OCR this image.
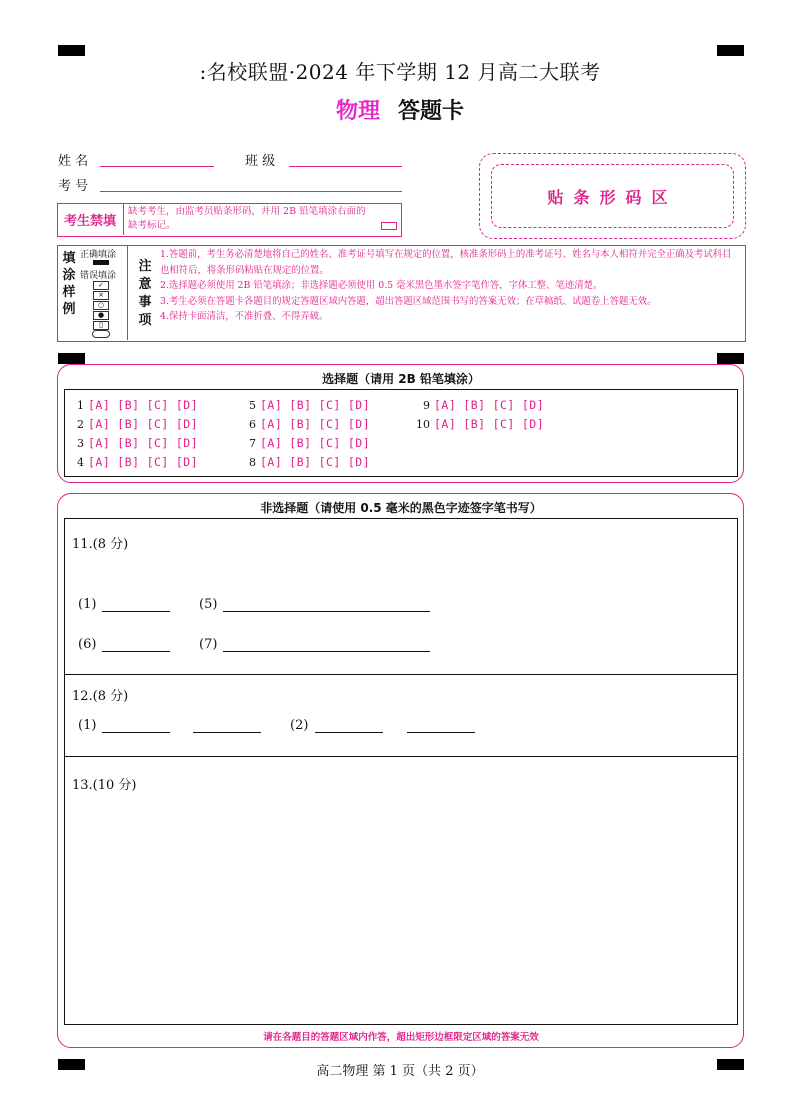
:名校联盟·2024 年下学期 12 月高二大联考
物理 答题卡
姓 名	班 级
考 号
贴条形码区
考生禁填
缺考考生，由监考员贴条形码，并用 2B 铅笔填涂右面的缺考标记。
填
涂
样
例
正确填涂
错误填涂
✓
×
○
●
▯
注
意
事
项
1.答题前，考生务必清楚地将自己的姓名、准考证号填写在规定的位置，核准条形码上的准考证号、姓名与本人相符并完全正确及考试科目也相符后，将条形码粘贴在规定的位置。
2.选择题必须使用 2B 铅笔填涂；非选择题必须使用 0.5 毫米黑色墨水签字笔作答，字体工整、笔迹清楚。
3.考生必须在答题卡各题目的规定答题区域内答题，超出答题区域范围书写的答案无效；在草稿纸、试题卷上答题无效。
4.保持卡面清洁，不准折叠、不得弄破。
选择题（请用 2B 铅笔填涂）
1 [A] [B] [C] [D]
2 [A] [B] [C] [D]
3 [A] [B] [C] [D]
4 [A] [B] [C] [D]
5 [A] [B] [C] [D]
6 [A] [B] [C] [D]
7 [A] [B] [C] [D]
8 [A] [B] [C] [D]
9 [A] [B] [C] [D]
10 [A] [B] [C] [D]
非选择题（请使用 0.5 毫米的黑色字迹签字笔书写）
11.(8 分)
(1)	(5)
(6)	(7)
12.(8 分)
(1)	(2)
13.(10 分)
请在各题目的答题区域内作答，超出矩形边框限定区域的答案无效
高二物理 第 1 页（共 2 页）
